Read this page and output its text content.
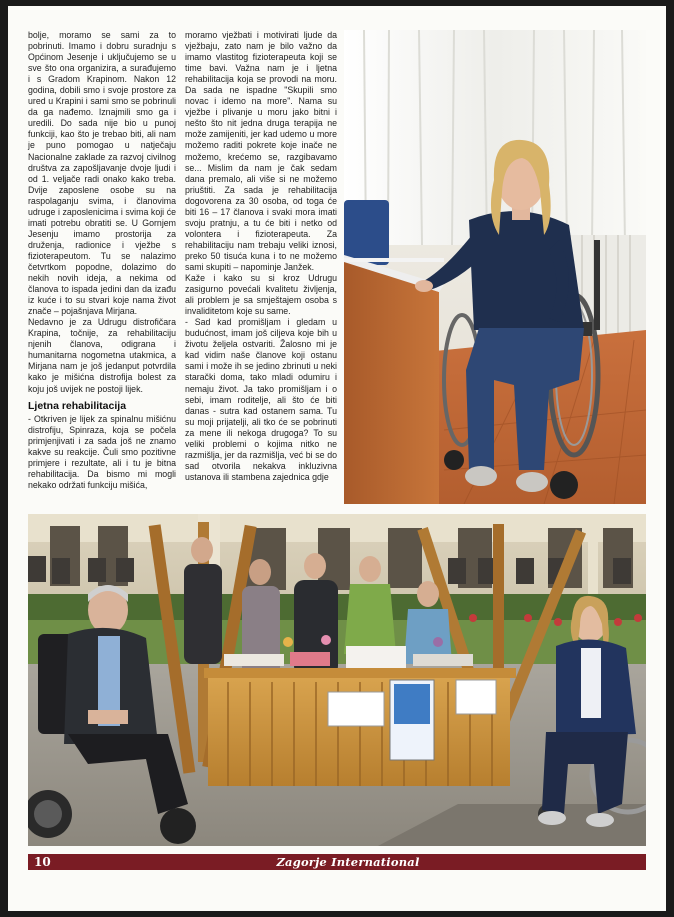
bolje, moramo se sami za to pobrinuti. Imamo i dobru suradnju s Općinom Jesenje i uključujemo se u sve što ona organizira, a surađujemo i s Gradom Krapinom. Nakon 12 godina, dobili smo i svoje prostore za ured u Krapini i sami smo se pobrinuli da ga nađemo. Iznajmili smo ga i uredili. Do sada nije bio u punoj funkciji, kao što je trebao biti, ali nam je puno pomogao u natječaju Nacionalne zaklade za razvoj civilnog društva za zapošljavanje dvoje ljudi i od 1. veljače radi onako kako treba. Dvije zaposlene osobe su na raspolaganju svima, i članovima udruge i zaposlenicima i svima koji će imati potrebu obratiti se. U Gornjem Jesenju imamo prostorija za druženja, radionice i vježbe s fizioterapeutom. Tu se nalazimo četvrtkom popodne, dolazimo do nekih novih ideja, a nekima od članova to ispada jedini dan da izađu iz kuće i to su stvari koje nama život znače – pojašnjava Mirjana.

Nedavno je za Udrugu distrofičara Krapina, točnije, za rehabilitaciju njenih članova, odigrana i humanitarna nogometna utakmica, a Mirjana nam je još jedanput potvrdila kako je mišićna distrofija bolest za koju još uvijek ne postoji lijek.

Ljetna rehabilitacija

- Otkriven je lijek za spinalnu mišićnu distrofiju, Spinraza, koja se počela primjenjivati i za sada još ne znamo kakve su reakcije. Čuli smo pozitivne primjere i rezultate, ali i tu je bitna rehabilitacija. Da bismo mi mogli nekako održati funkciju mišića,

moramo vježbati i motivirati ljude da vježbaju, zato nam je bilo važno da imamo vlastitog fizioterapeuta koji se time bavi. Važna nam je i ljetna rehabilitacija koja se provodi na moru. Da sada ne ispadne "Skupili smo novac i idemo na more". Nama su vježbe i plivanje u moru jako bitni i nešto što nit jedna druga terapija ne može zamijeniti, jer kad udemo u more možemo raditi pokrete koje inače ne možemo, krećemo se, razgibavamo se... Mislim da nam je čak sedam dana premalo, ali više si ne možemo priuštiti. Za sada je rehabilitacija dogovorena za 30 osoba, od toga će biti 16 – 17 članova i svaki mora imati svoju pratnju, a tu će biti i netko od volontera i fizioterapeuta. Za rehabilitaciju nam trebaju veliki iznosi, preko 50 tisuća kuna i to ne možemo sami skupiti – napominje Janžek.

Kaže i kako su si kroz Udrugu zasigurno povećali kvalitetu življenja, ali problem je sa smještajem osoba s invaliditetom koje su same.

- Sad kad promišljam i gledam u budućnost, imam još ciljeva koje bih u životu željela ostvariti. Žalosno mi je kad vidim naše članove koji ostanu sami i može ih se jedino zbrinuti u neki starački doma, tako mladi odumiru i nemaju život. Ja tako promišljam i o sebi, imam roditelje, ali što će biti danas - sutra kad ostanem sama. Tu su moji prijatelji, ali tko će se pobrinuti za mene ili nekoga drugoga? To su veliki problemi o kojima nitko ne razmišlja, jer da razmišlja, već bi se do sad otvorila nekakva inkluzivna ustanova ili stambena zajednica gdje

10	Zagorje International
